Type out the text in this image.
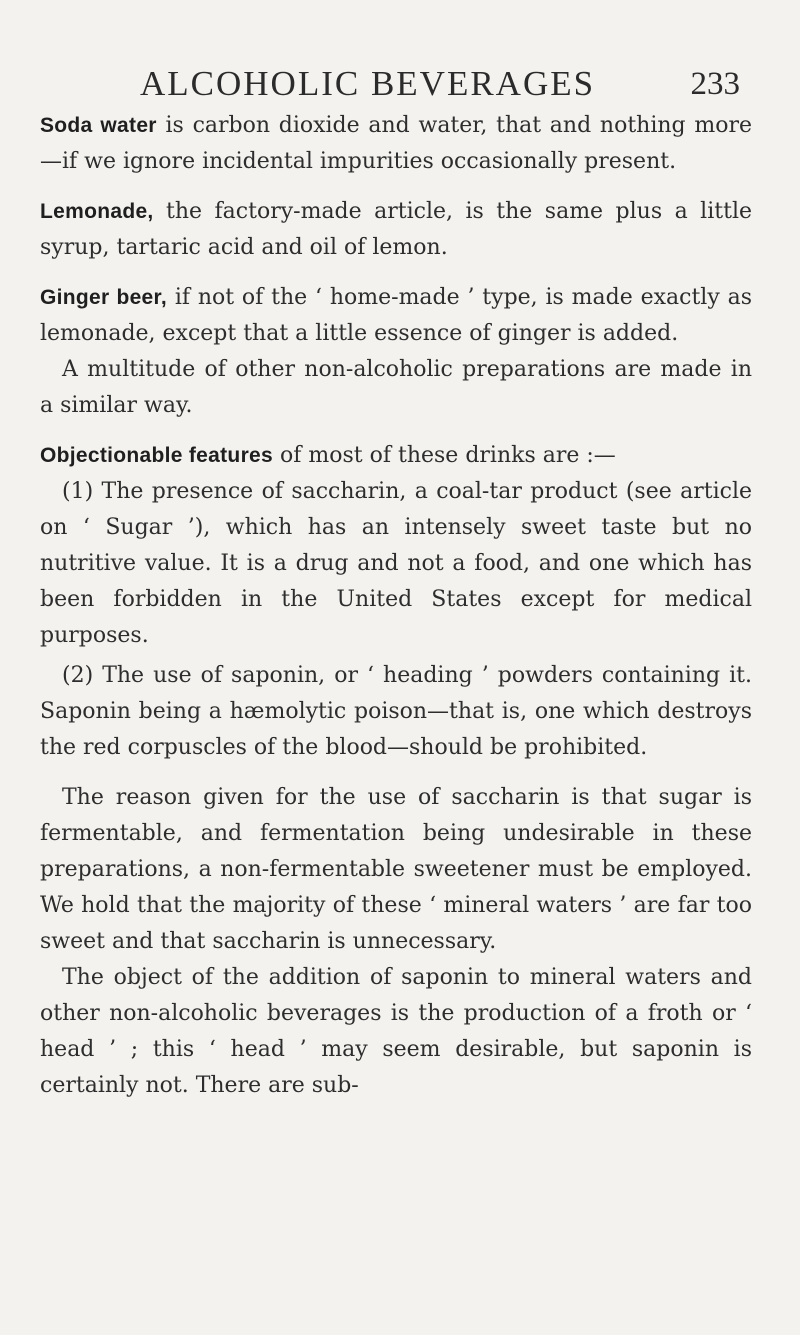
ALCOHOLIC BEVERAGES	233

Soda water is carbon dioxide and water, that and nothing more—if we ignore incidental impurities occasionally present.

Lemonade, the factory-made article, is the same plus a little syrup, tartaric acid and oil of lemon.

Ginger beer, if not of the ‘ home-made ’ type, is made exactly as lemonade, except that a little essence of ginger is added.

A multitude of other non-alcoholic preparations are made in a similar way.

Objectionable features of most of these drinks are :—

(1) The presence of saccharin, a coal-tar product (see article on ‘ Sugar ’), which has an intensely sweet taste but no nutritive value. It is a drug and not a food, and one which has been forbidden in the United States except for medical purposes.

(2) The use of saponin, or ‘ heading ’ powders containing it. Saponin being a hæmolytic poison—that is, one which destroys the red corpuscles of the blood—should be prohibited.

The reason given for the use of saccharin is that sugar is fermentable, and fermentation being undesirable in these preparations, a non-fermentable sweetener must be employed. We hold that the majority of these ‘ mineral waters ’ are far too sweet and that saccharin is unnecessary.

The object of the addition of saponin to mineral waters and other non-alcoholic beverages is the production of a froth or ‘ head ’ ; this ‘ head ’ may seem desirable, but saponin is certainly not. There are sub-
